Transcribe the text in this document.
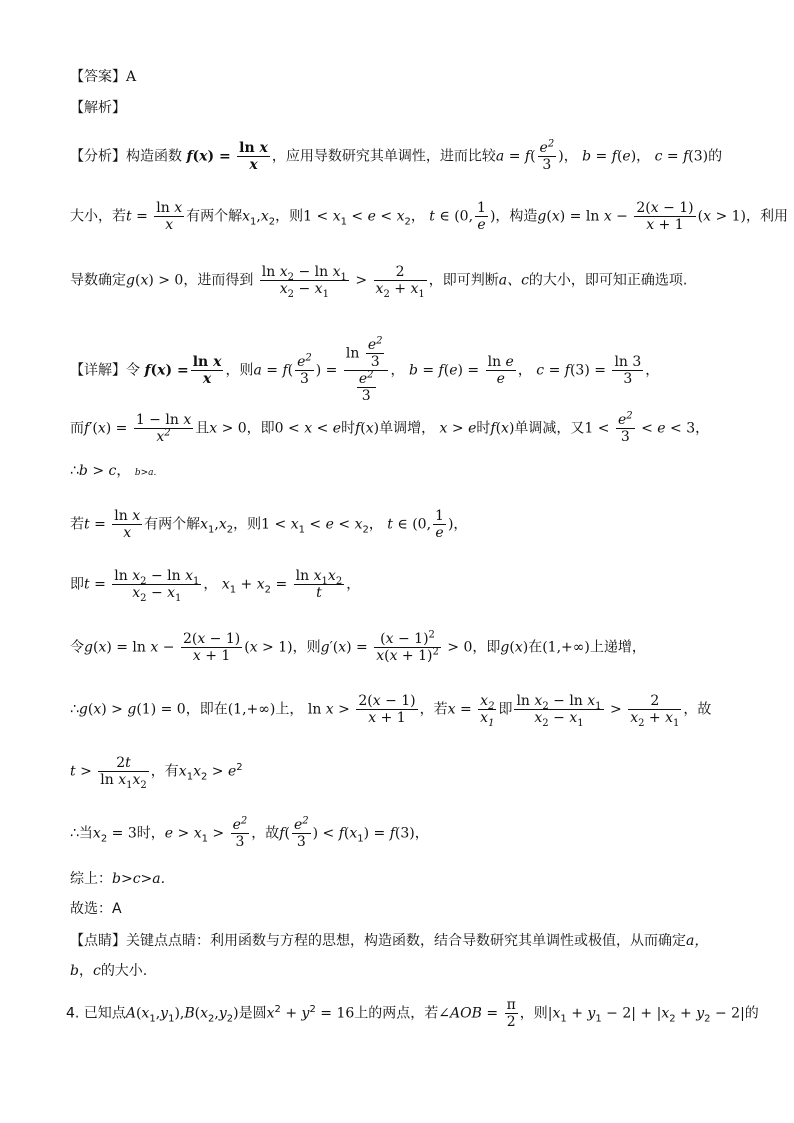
【答案】A
【解析】
【分析】构造函数 $f(x) = \frac{\text{ln x}}{x}$ ，应用导数研究其单调性，进而比较$a = f( \frac{e^2}{3}$ )， b = f(e)， c = f(3)的
大小，若$t = \frac{\text{ln x}}{x}$ 有两个解$x_1,x_2$，则$1 < x_1 < e < x_2$， t ∈ (0, $\frac{1}{e}$ )，构造$g(x) = \ln x - \frac{2(x - 1)}{x + 1} (x > 1)$，利用
导数确定g(x) > 0，进而得到 $\frac{\ln x_2 - \ln x_1}{x_2 - x_1} > \frac{2}{x_2 + x_1}$ ，即可判断a、c的大小，即可知正确选项.
【详解】令 $f(x) = \frac{\text{ln x}}{x}$ ，则$a = f( \frac{e^2}{3}$ ) = $\frac{\ln \frac{e^2}{3}}{\frac{e^2}{3}}$ ， $b = f(e) = \frac{\text{ln e}}{e}$ ， $c = f(3) = \frac{\ln 3}{3}$ ，
而$f'(x) = \frac{\text{1 − ln x}}{x^2}$ 且x > 0，即0 < x < e时f(x)单调增， x > e时f(x)单调减，又$1 < \frac{e^2}{3} < e < 3$，
∴b > c， b>a.
若$t = \frac{\text{ln x}}{x}$ 有两个解$x_1,x_2$，则$1 < x_1 < e < x_2$， t ∈ (0, $\frac{1}{e}$ )，
即$t = \frac{\ln x_2 - \ln x_1}{x_2 - x_1}$ ， $x_1 + x_2 = \frac{\ln x_1x_2}{t}$ ，
令$g(x) = \ln x - \frac{2(x - 1)}{x + 1} (x > 1)$，则$g'(x) = \frac{(x - 1)^2}{x(x + 1)^2} > 0$，即g(x)在(1,+∞)上递增，
∴g(x) > g(1) = 0，即在(1,+∞)上， $\ln x > \frac{2(x - 1)}{x + 1}$ ，若$x = \frac{x_2}{x_1}$ 即 $\frac{\ln x_2 - \ln x_1}{x_2 - x_1} > \frac{2}{x_2 + x_1}$ ，故
$t > \frac{2t}{\ln x_1x_2}$ ，有$x_1x_2 > e^2$
∴当$x_2 = 3$时，$e > x_1 > \frac{e^2}{3}$ ，故$f( \frac{e^2}{3}$ ) < $f(x_1) = f(3)$，
综上：b>c>a.
故选：A
【点睛】关键点点睛：利用函数与方程的思想，构造函数，结合导数研究其单调性或极值，从而确定a，
b，c的大小.
4. 已知点$A(x_1,y_1),B(x_2,y_2)$是圆$x^2 + y^2 = 16$上的两点，若∠AOB = $\frac{\pi}{2}$ ，则$|x_1 + y_1 - 2| + |x_2 + y_2 - 2|$的
